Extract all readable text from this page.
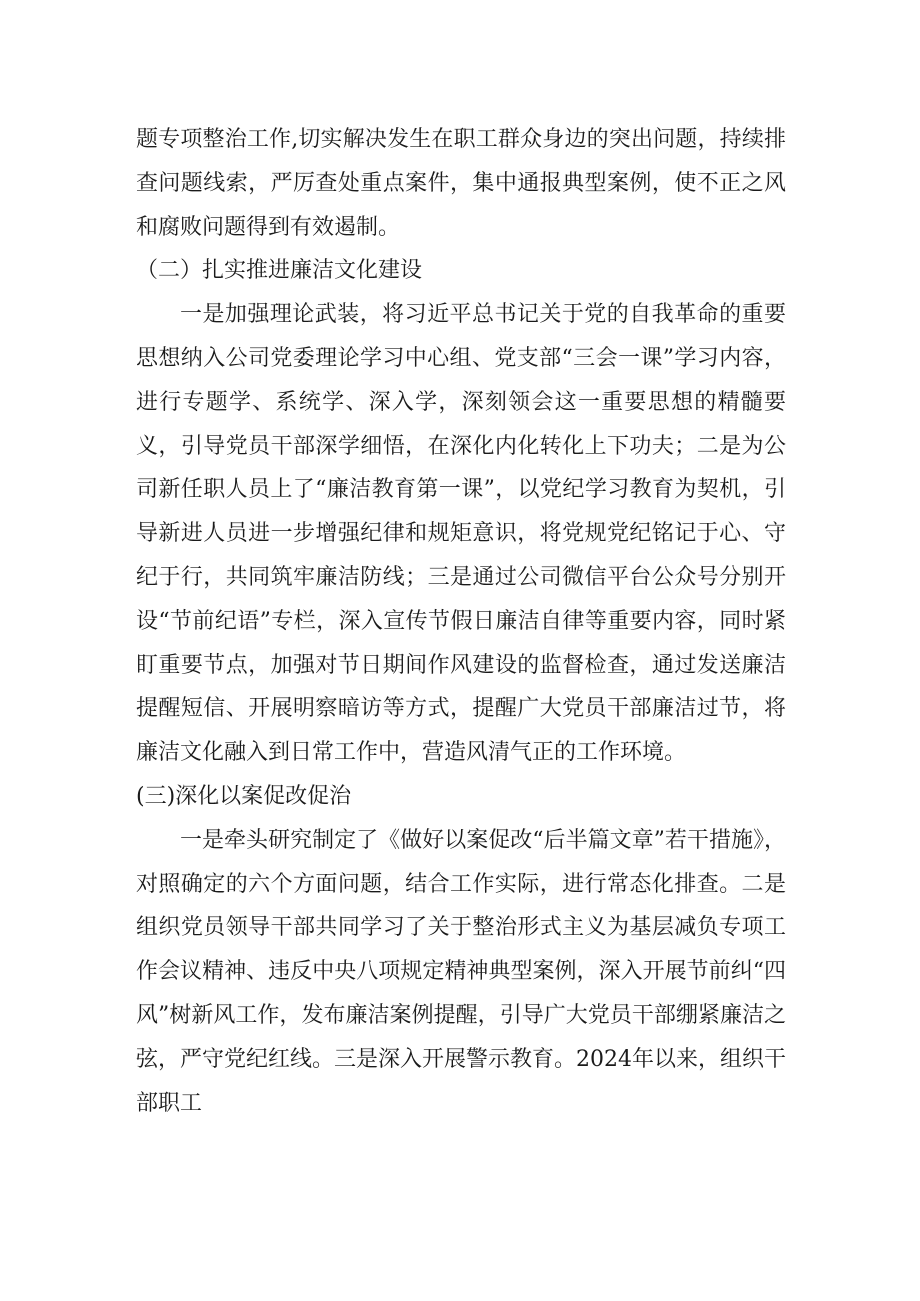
题专项整治工作,切实解决发生在职工群众身边的突出问题，持续排查问题线索，严厉查处重点案件，集中通报典型案例，使不正之风和腐败问题得到有效遏制。

（二）扎实推进廉洁文化建设

一是加强理论武装，将习近平总书记关于党的自我革命的重要思想纳入公司党委理论学习中心组、党支部“三会一课”学习内容，进行专题学、系统学、深入学，深刻领会这一重要思想的精髓要义，引导党员干部深学细悟，在深化内化转化上下功夫；二是为公司新任职人员上了“廉洁教育第一课”，以党纪学习教育为契机，引导新进人员进一步增强纪律和规矩意识，将党规党纪铭记于心、守纪于行，共同筑牢廉洁防线；三是通过公司微信平台公众号分别开设“节前纪语”专栏，深入宣传节假日廉洁自律等重要内容，同时紧盯重要节点，加强对节日期间作风建设的监督检查，通过发送廉洁提醒短信、开展明察暗访等方式，提醒广大党员干部廉洁过节，将廉洁文化融入到日常工作中，营造风清气正的工作环境。

(三)深化以案促改促治

一是牵头研究制定了《做好以案促改“后半篇文章”若干措施》，对照确定的六个方面问题，结合工作实际，进行常态化排查。二是组织党员领导干部共同学习了关于整治形式主义为基层减负专项工作会议精神、违反中央八项规定精神典型案例，深入开展节前纠“四风”树新风工作，发布廉洁案例提醒，引导广大党员干部绷紧廉洁之弦，严守党纪红线。三是深入开展警示教育。2024年以来，组织干部职工
